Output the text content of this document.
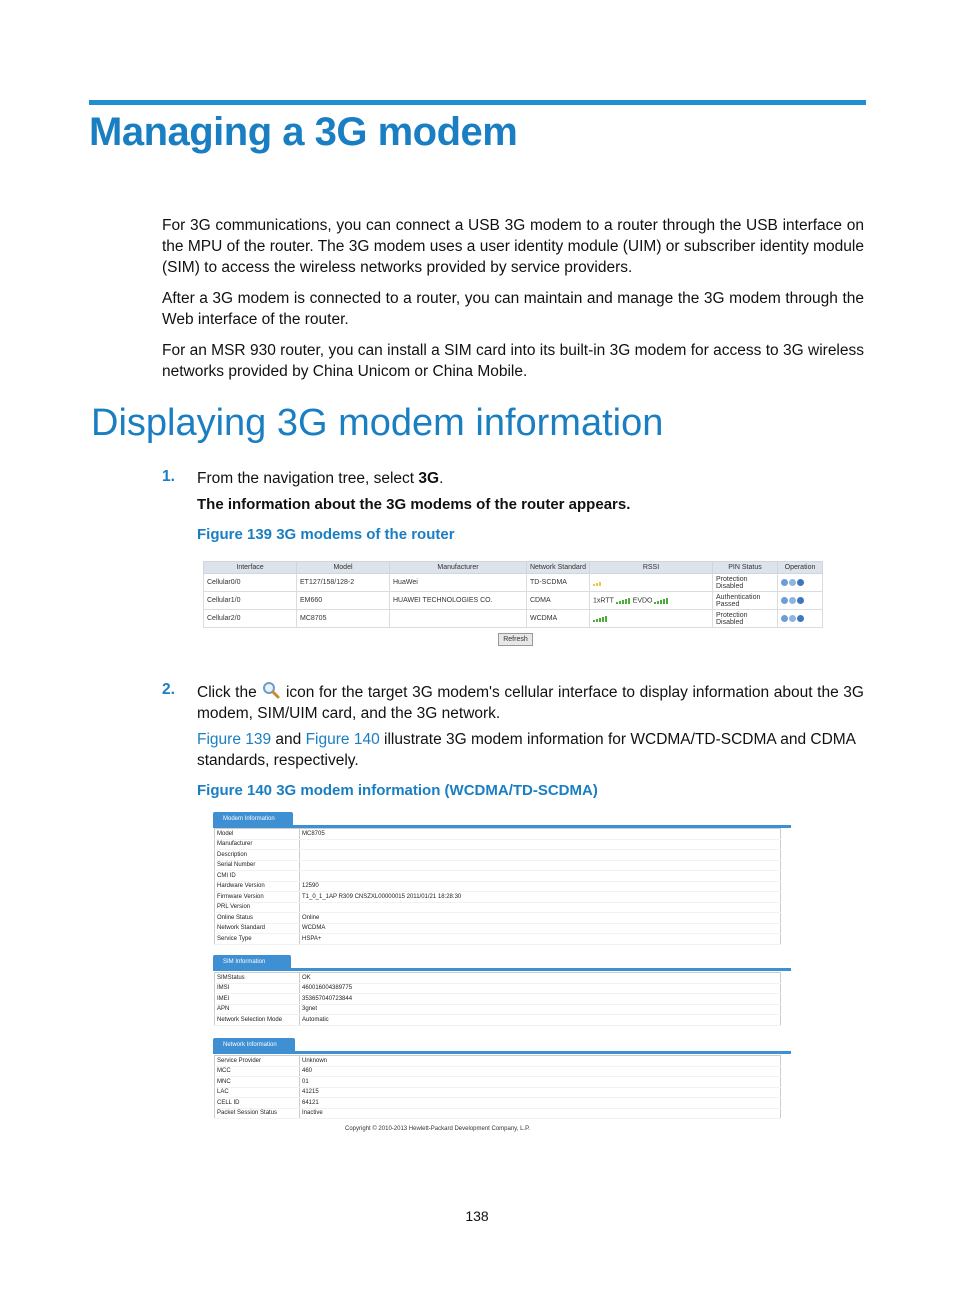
Managing a 3G modem

For 3G communications, you can connect a USB 3G modem to a router through the USB interface on the MPU of the router. The 3G modem uses a user identity module (UIM) or subscriber identity module (SIM) to access the wireless networks provided by service providers.

After a 3G modem is connected to a router, you can maintain and manage the 3G modem through the Web interface of the router.

For an MSR 930 router, you can install a SIM card into its built-in 3G modem for access to 3G wireless networks provided by China Unicom or China Mobile.

Displaying 3G modem information
1. From the navigation tree, select 3G.

The information about the 3G modems of the router appears.

Figure 139 3G modems of the router
Interface	Model	Manufacturer	Network Standard	RSSI	PIN Status	Operation
Cellular0/0	ET127/158/128-2	HuaWei	TD-SCDMA		Protection
Disabled	
Cellular1/0	EM660	HUAWEI TECHNOLOGIES CO.	CDMA	1xRTT EVDO	Authentication
Passed	
Cellular2/0	MC8705		WCDMA		Protection
Disabled	
Refresh
2. Click the icon for the target 3G modem's cellular interface to display information about the 3G modem, SIM/UIM card, and the 3G network.

Figure 139 and Figure 140 illustrate 3G modem information for WCDMA/TD-SCDMA and CDMA standards, respectively.

Figure 140 3G modem information (WCDMA/TD-SCDMA)
Modem Information
Model	MC8705
Manufacturer	
Description	
Serial Number	
CMI ID	
Hardware Version	12590
Firmware Version	T1_0_1_1AP R309 CNSZXL00000015 2011/01/21 18:28:30
PRL Version	
Online Status	Online
Network Standard	WCDMA
Service Type	HSPA+
SIM Information
SIMStatus	OK
IMSI	460016004389775
IMEI	353657040723844
APN	3gnet
Network Selection Mode	Automatic
Network Information
Service Provider	Unknown
MCC	460
MNC	01
LAC	41215
CELL ID	64121
Packet Session Status	Inactive
Copyright © 2010-2013 Hewlett-Packard Development Company, L.P.
138
